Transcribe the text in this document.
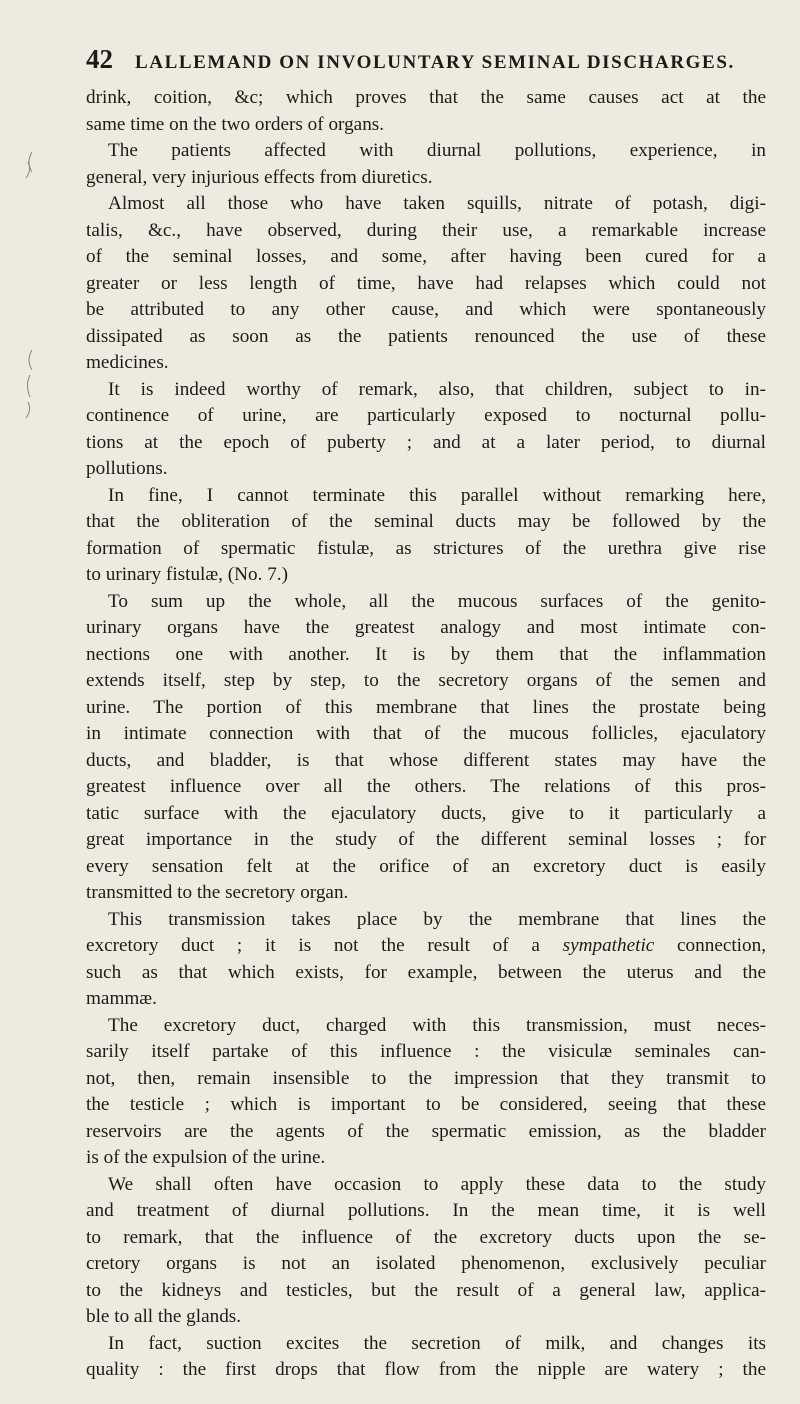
42 LALLEMAND ON INVOLUNTARY SEMINAL DISCHARGES.
drink, coition, &c; which proves that the same causes act at the
same time on the two orders of organs.
The patients affected with diurnal pollutions, experience, in
general, very injurious effects from diuretics.
Almost all those who have taken squills, nitrate of potash, digi-
talis, &c., have observed, during their use, a remarkable increase
of the seminal losses, and some, after having been cured for a
greater or less length of time, have had relapses which could not
be attributed to any other cause, and which were spontaneously
dissipated as soon as the patients renounced the use of these
medicines.
It is indeed worthy of remark, also, that children, subject to in-
continence of urine, are particularly exposed to nocturnal pollu-
tions at the epoch of puberty ; and at a later period, to diurnal
pollutions.
In fine, I cannot terminate this parallel without remarking here,
that the obliteration of the seminal ducts may be followed by the
formation of spermatic fistulæ, as strictures of the urethra give rise
to urinary fistulæ, (No. 7.)
To sum up the whole, all the mucous surfaces of the genito-
urinary organs have the greatest analogy and most intimate con-
nections one with another. It is by them that the inflammation
extends itself, step by step, to the secretory organs of the semen and
urine. The portion of this membrane that lines the prostate being
in intimate connection with that of the mucous follicles, ejaculatory
ducts, and bladder, is that whose different states may have the
greatest influence over all the others. The relations of this pros-
tatic surface with the ejaculatory ducts, give to it particularly a
great importance in the study of the different seminal losses ; for
every sensation felt at the orifice of an excretory duct is easily
transmitted to the secretory organ.
This transmission takes place by the membrane that lines the
excretory duct ; it is not the result of a sympathetic connection,
such as that which exists, for example, between the uterus and the
mammæ.
The excretory duct, charged with this transmission, must neces-
sarily itself partake of this influence : the visiculæ seminales can-
not, then, remain insensible to the impression that they transmit to
the testicle ; which is important to be considered, seeing that these
reservoirs are the agents of the spermatic emission, as the bladder
is of the expulsion of the urine.
We shall often have occasion to apply these data to the study
and treatment of diurnal pollutions. In the mean time, it is well
to remark, that the influence of the excretory ducts upon the se-
cretory organs is not an isolated phenomenon, exclusively peculiar
to the kidneys and testicles, but the result of a general law, applica-
ble to all the glands.
In fact, suction excites the secretion of milk, and changes its
quality : the first drops that flow from the nipple are watery ; the
